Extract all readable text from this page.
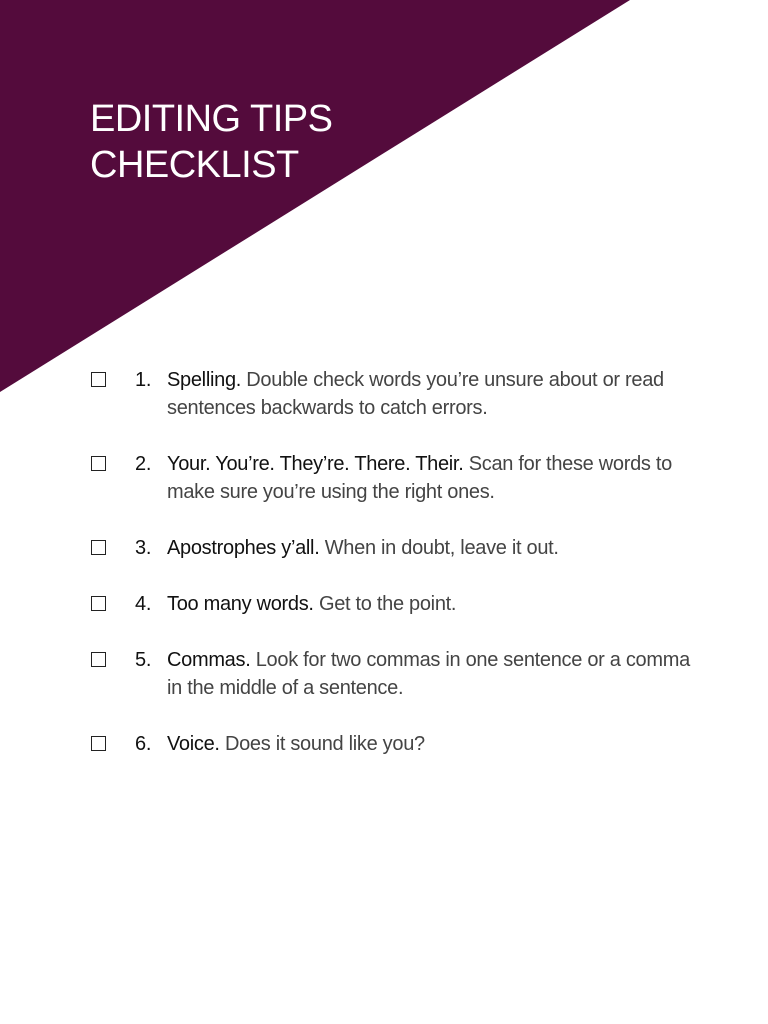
EDITING TIPS
CHECKLIST
1. Spelling. Double check words you’re unsure about or read sentences backwards to catch errors.
2. Your. You’re. They’re. There. Their. Scan for these words to make sure you’re using the right ones.
3. Apostrophes y’all. When in doubt, leave it out.
4. Too many words. Get to the point.
5. Commas. Look for two commas in one sentence or a comma in the middle of a sentence.
6. Voice. Does it sound like you?
